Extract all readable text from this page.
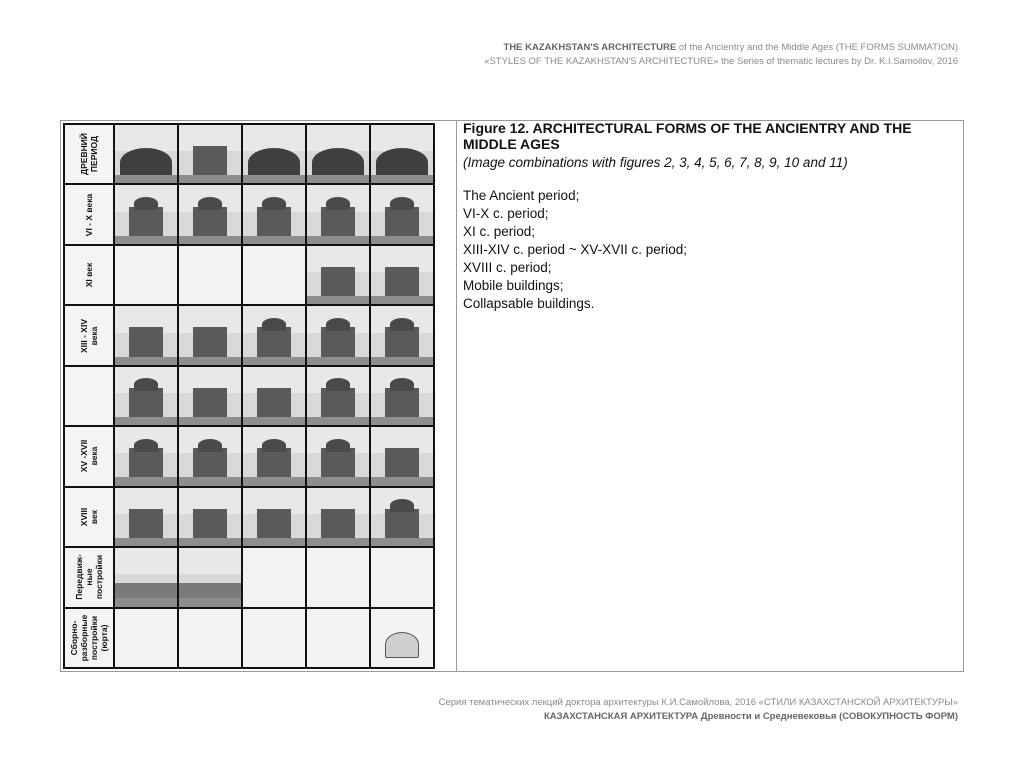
THE KAZAKHSTAN'S ARCHITECTURE of the Ancientry and the Middle Ages (THE FORMS SUMMATION)
«STYLES OF THE KAZAKHSTAN'S ARCHITECTURE» the Series of thematic lectures by Dr. K.I.Samoilov, 2016
ДРЕВНИЙ
ПЕРИОД					

VI - X века					

XI век					

XIII - XIV
века					

XV -XVII
века					

XVIII
век					

Передвиж-
ные
постройки					

Сборно-
разборные
постройки
(юрта)					

Figure 12. ARCHITECTURAL FORMS OF THE ANCIENTRY AND THE MIDDLE AGES

(Image combinations with figures 2, 3, 4, 5, 6, 7, 8, 9, 10 and 11)

The Ancient period;
VI-X c. period;
XI c. period;
XIII-XIV c. period ~ XV-XVII c. period;
XVIII c. period;
Mobile buildings;
Collapsable buildings.
Серия тематических лекций доктора архитектуры К.И.Самойлова, 2016 «СТИЛИ КАЗАХСТАНСКОЙ АРХИТЕКТУРЫ»
КАЗАХСТАНСКАЯ АРХИТЕКТУРА Древности и Средневековья (СОВОКУПНОСТЬ ФОРМ)
